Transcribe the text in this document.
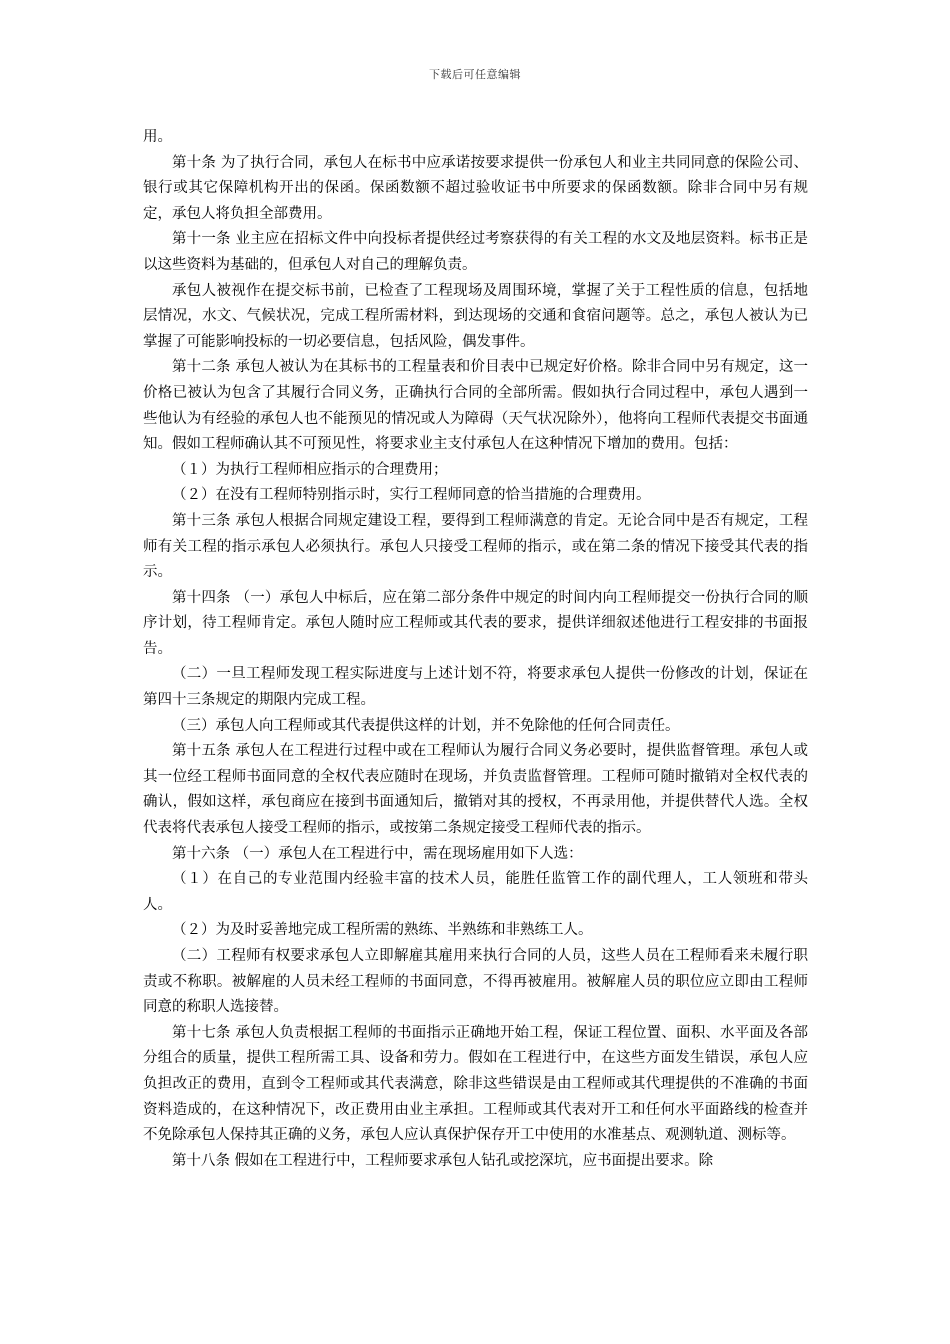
下载后可任意编辑

用。

第十条 为了执行合同，承包人在标书中应承诺按要求提供一份承包人和业主共同同意的保险公司、银行或其它保障机构开出的保函。保函数额不超过验收证书中所要求的保函数额。除非合同中另有规定，承包人将负担全部费用。

第十一条 业主应在招标文件中向投标者提供经过考察获得的有关工程的水文及地层资料。标书正是以这些资料为基础的，但承包人对自己的理解负责。

承包人被视作在提交标书前，已检查了工程现场及周围环境，掌握了关于工程性质的信息，包括地层情况，水文、气候状况，完成工程所需材料，到达现场的交通和食宿问题等。总之，承包人被认为已掌握了可能影响投标的一切必要信息，包括风险，偶发事件。

第十二条 承包人被认为在其标书的工程量表和价目表中已规定好价格。除非合同中另有规定，这一价格已被认为包含了其履行合同义务，正确执行合同的全部所需。假如执行合同过程中，承包人遇到一些他认为有经验的承包人也不能预见的情况或人为障碍（天气状况除外），他将向工程师代表提交书面通知。假如工程师确认其不可预见性，将要求业主支付承包人在这种情况下增加的费用。包括：

（１）为执行工程师相应指示的合理费用；

（２）在没有工程师特别指示时，实行工程师同意的恰当措施的合理费用。

第十三条 承包人根据合同规定建设工程，要得到工程师满意的肯定。无论合同中是否有规定，工程师有关工程的指示承包人必须执行。承包人只接受工程师的指示，或在第二条的情况下接受其代表的指示。

第十四条 （一）承包人中标后，应在第二部分条件中规定的时间内向工程师提交一份执行合同的顺序计划，待工程师肯定。承包人随时应工程师或其代表的要求，提供详细叙述他进行工程安排的书面报告。

（二）一旦工程师发现工程实际进度与上述计划不符，将要求承包人提供一份修改的计划，保证在第四十三条规定的期限内完成工程。

（三）承包人向工程师或其代表提供这样的计划，并不免除他的任何合同责任。

第十五条 承包人在工程进行过程中或在工程师认为履行合同义务必要时，提供监督管理。承包人或其一位经工程师书面同意的全权代表应随时在现场，并负责监督管理。工程师可随时撤销对全权代表的确认，假如这样，承包商应在接到书面通知后，撤销对其的授权，不再录用他，并提供替代人选。全权代表将代表承包人接受工程师的指示，或按第二条规定接受工程师代表的指示。

第十六条 （一）承包人在工程进行中，需在现场雇用如下人选：

（１）在自己的专业范围内经验丰富的技术人员，能胜任监管工作的副代理人，工人领班和带头人。

（２）为及时妥善地完成工程所需的熟练、半熟练和非熟练工人。

（二）工程师有权要求承包人立即解雇其雇用来执行合同的人员，这些人员在工程师看来未履行职责或不称职。被解雇的人员未经工程师的书面同意，不得再被雇用。被解雇人员的职位应立即由工程师同意的称职人选接替。

第十七条 承包人负责根据工程师的书面指示正确地开始工程，保证工程位置、面积、水平面及各部分组合的质量，提供工程所需工具、设备和劳力。假如在工程进行中，在这些方面发生错误，承包人应负担改正的费用，直到令工程师或其代表满意，除非这些错误是由工程师或其代理提供的不准确的书面资料造成的，在这种情况下，改正费用由业主承担。工程师或其代表对开工和任何水平面路线的检查并不免除承包人保持其正确的义务，承包人应认真保护保存开工中使用的水准基点、观测轨道、测标等。

第十八条 假如在工程进行中，工程师要求承包人钻孔或挖深坑，应书面提出要求。除
